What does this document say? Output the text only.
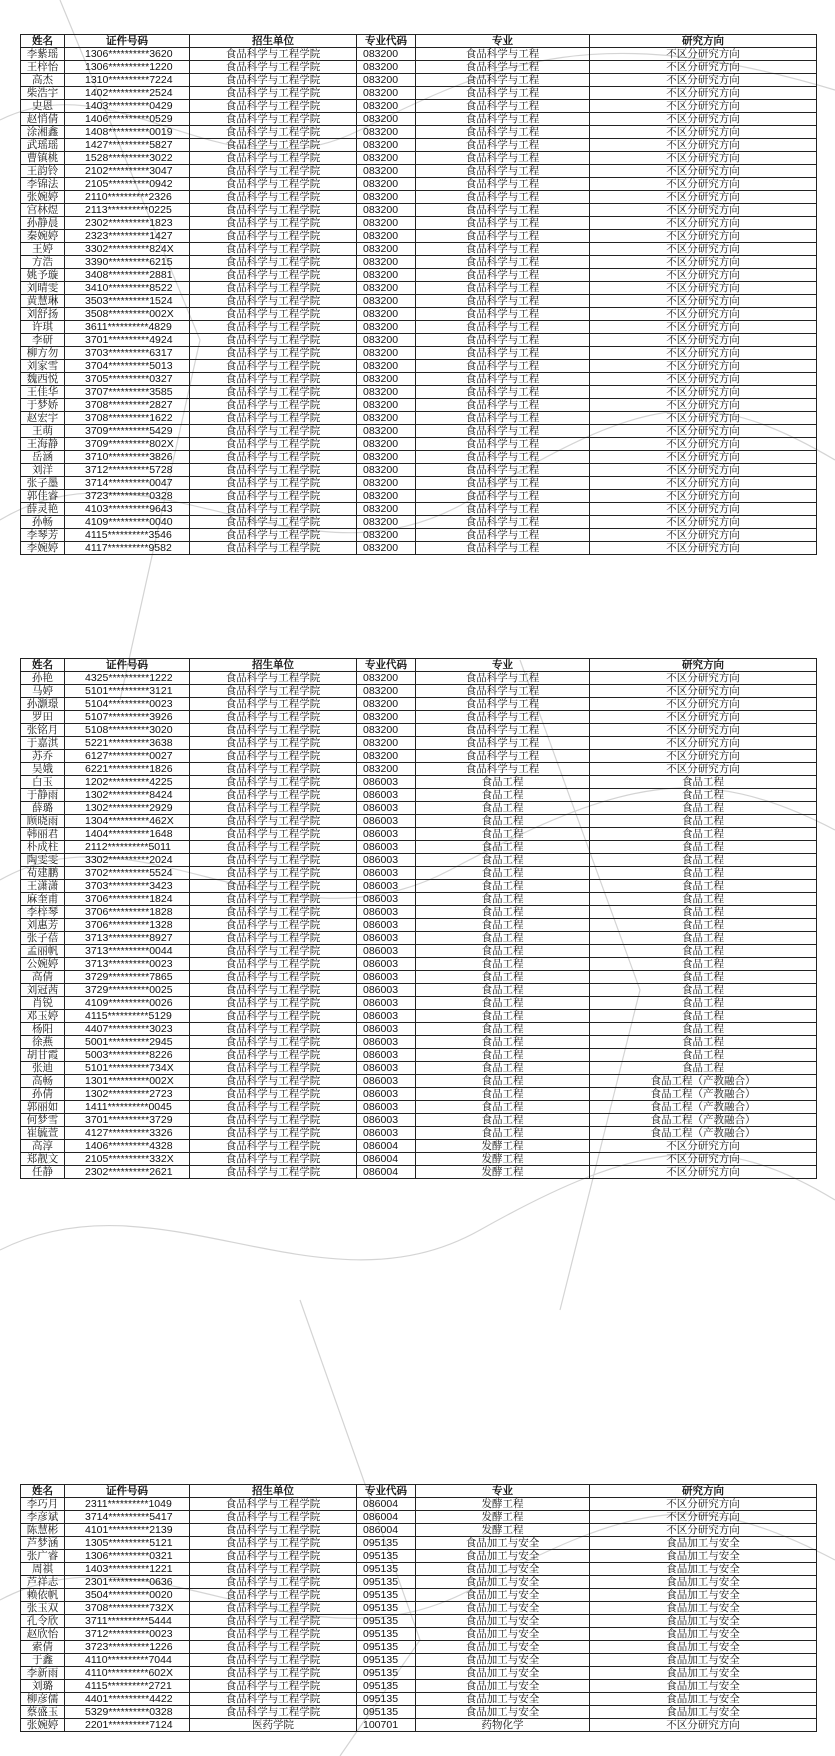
姓名	证件号码	招生单位	专业代码	专业	研究方向
李紫瑶	1306**********3620	食品科学与工程学院	083200	食品科学与工程	不区分研究方向
王梓怡	1306**********1220	食品科学与工程学院	083200	食品科学与工程	不区分研究方向
高杰	1310**********7224	食品科学与工程学院	083200	食品科学与工程	不区分研究方向
柴浩宇	1402**********2524	食品科学与工程学院	083200	食品科学与工程	不区分研究方向
史恩	1403**********0429	食品科学与工程学院	083200	食品科学与工程	不区分研究方向
赵悄倩	1406**********0529	食品科学与工程学院	083200	食品科学与工程	不区分研究方向
涂湘鑫	1408**********0019	食品科学与工程学院	083200	食品科学与工程	不区分研究方向
武瑶瑶	1427**********5827	食品科学与工程学院	083200	食品科学与工程	不区分研究方向
曹镇桃	1528**********3022	食品科学与工程学院	083200	食品科学与工程	不区分研究方向
王韵铃	2102**********3047	食品科学与工程学院	083200	食品科学与工程	不区分研究方向
李锦法	2105**********0942	食品科学与工程学院	083200	食品科学与工程	不区分研究方向
张婉婷	2110**********2326	食品科学与工程学院	083200	食品科学与工程	不区分研究方向
宫林煜	2113**********0225	食品科学与工程学院	083200	食品科学与工程	不区分研究方向
孙静晨	2302**********1823	食品科学与工程学院	083200	食品科学与工程	不区分研究方向
秦婉婷	2323**********1427	食品科学与工程学院	083200	食品科学与工程	不区分研究方向
王婷	3302**********824X	食品科学与工程学院	083200	食品科学与工程	不区分研究方向
方浩	3390**********6215	食品科学与工程学院	083200	食品科学与工程	不区分研究方向
姚予璇	3408**********2881	食品科学与工程学院	083200	食品科学与工程	不区分研究方向
刘晴雯	3410**********8522	食品科学与工程学院	083200	食品科学与工程	不区分研究方向
黄慧琳	3503**********1524	食品科学与工程学院	083200	食品科学与工程	不区分研究方向
刘舒扬	3508**********002X	食品科学与工程学院	083200	食品科学与工程	不区分研究方向
许琪	3611**********4829	食品科学与工程学院	083200	食品科学与工程	不区分研究方向
李研	3701**********4924	食品科学与工程学院	083200	食品科学与工程	不区分研究方向
柳方勿	3703**********6317	食品科学与工程学院	083200	食品科学与工程	不区分研究方向
刘家雪	3704**********5013	食品科学与工程学院	083200	食品科学与工程	不区分研究方向
魏西悦	3705**********0327	食品科学与工程学院	083200	食品科学与工程	不区分研究方向
王佳华	3707**********3585	食品科学与工程学院	083200	食品科学与工程	不区分研究方向
于梦娇	3708**********2827	食品科学与工程学院	083200	食品科学与工程	不区分研究方向
赵宏宇	3708**********1622	食品科学与工程学院	083200	食品科学与工程	不区分研究方向
王萌	3709**********5429	食品科学与工程学院	083200	食品科学与工程	不区分研究方向
王海静	3709**********802X	食品科学与工程学院	083200	食品科学与工程	不区分研究方向
岳涵	3710**********3826	食品科学与工程学院	083200	食品科学与工程	不区分研究方向
刘洋	3712**********5728	食品科学与工程学院	083200	食品科学与工程	不区分研究方向
张子墨	3714**********0047	食品科学与工程学院	083200	食品科学与工程	不区分研究方向
郭佳睿	3723**********0328	食品科学与工程学院	083200	食品科学与工程	不区分研究方向
薛灵艳	4103**********9643	食品科学与工程学院	083200	食品科学与工程	不区分研究方向
孙畅	4109**********0040	食品科学与工程学院	083200	食品科学与工程	不区分研究方向
李琴芳	4115**********3546	食品科学与工程学院	083200	食品科学与工程	不区分研究方向
李婉婷	4117**********9582	食品科学与工程学院	083200	食品科学与工程	不区分研究方向
姓名	证件号码	招生单位	专业代码	专业	研究方向
孙艳	4325**********1222	食品科学与工程学院	083200	食品科学与工程	不区分研究方向
马婷	5101**********3121	食品科学与工程学院	083200	食品科学与工程	不区分研究方向
孙灏璟	5104**********0023	食品科学与工程学院	083200	食品科学与工程	不区分研究方向
罗田	5107**********3926	食品科学与工程学院	083200	食品科学与工程	不区分研究方向
张铭月	5108**********3020	食品科学与工程学院	083200	食品科学与工程	不区分研究方向
于嘉淇	5221**********3638	食品科学与工程学院	083200	食品科学与工程	不区分研究方向
苏乔	6127**********0027	食品科学与工程学院	083200	食品科学与工程	不区分研究方向
吴娥	6221**********1826	食品科学与工程学院	083200	食品科学与工程	不区分研究方向
白玉	1202**********4225	食品科学与工程学院	086003	食品工程	食品工程
于静雨	1302**********8424	食品科学与工程学院	086003	食品工程	食品工程
薛璐	1302**********2929	食品科学与工程学院	086003	食品工程	食品工程
顾晓雨	1304**********462X	食品科学与工程学院	086003	食品工程	食品工程
韩丽君	1404**********1648	食品科学与工程学院	086003	食品工程	食品工程
朴成柱	2112**********5011	食品科学与工程学院	086003	食品工程	食品工程
陶雯雯	3302**********2024	食品科学与工程学院	086003	食品工程	食品工程
荀建鹏	3702**********5524	食品科学与工程学院	086003	食品工程	食品工程
王潇潇	3703**********3423	食品科学与工程学院	086003	食品工程	食品工程
麻奎甫	3706**********1824	食品科学与工程学院	086003	食品工程	食品工程
李梓琴	3706**********1828	食品科学与工程学院	086003	食品工程	食品工程
刘惠芳	3706**********1328	食品科学与工程学院	086003	食品工程	食品工程
张子蓓	3713**********8927	食品科学与工程学院	086003	食品工程	食品工程
孟丽帆	3713**********0044	食品科学与工程学院	086003	食品工程	食品工程
公婉婷	3713**********0023	食品科学与工程学院	086003	食品工程	食品工程
高倩	3729**********7865	食品科学与工程学院	086003	食品工程	食品工程
刘冠茜	3729**********0025	食品科学与工程学院	086003	食品工程	食品工程
肖锐	4109**********0026	食品科学与工程学院	086003	食品工程	食品工程
邓玉婷	4115**********5129	食品科学与工程学院	086003	食品工程	食品工程
杨阳	4407**********3023	食品科学与工程学院	086003	食品工程	食品工程
徐燕	5001**********2945	食品科学与工程学院	086003	食品工程	食品工程
胡甘霞	5003**********8226	食品科学与工程学院	086003	食品工程	食品工程
张迪	5101**********734X	食品科学与工程学院	086003	食品工程	食品工程
高畅	1301**********002X	食品科学与工程学院	086003	食品工程	食品工程（产教融合）
孙倩	1302**********2723	食品科学与工程学院	086003	食品工程	食品工程（产教融合）
郭丽如	1411**********0045	食品科学与工程学院	086003	食品工程	食品工程（产教融合）
何梦雪	3701**********3729	食品科学与工程学院	086003	食品工程	食品工程（产教融合）
崔毓萱	4127**********3326	食品科学与工程学院	086003	食品工程	食品工程（产教融合）
高淳	1406**********4328	食品科学与工程学院	086004	发酵工程	不区分研究方向
郑靓文	2105**********332X	食品科学与工程学院	086004	发酵工程	不区分研究方向
任静	2302**********2621	食品科学与工程学院	086004	发酵工程	不区分研究方向
姓名	证件号码	招生单位	专业代码	专业	研究方向
李巧月	2311**********1049	食品科学与工程学院	086004	发酵工程	不区分研究方向
李彦斌	3714**********5417	食品科学与工程学院	086004	发酵工程	不区分研究方向
陈慧彬	4101**********2139	食品科学与工程学院	086004	发酵工程	不区分研究方向
芦梦涵	1305**********5121	食品科学与工程学院	095135	食品加工与安全	食品加工与安全
张广睿	1306**********0321	食品科学与工程学院	095135	食品加工与安全	食品加工与安全
周祺	1403**********1221	食品科学与工程学院	095135	食品加工与安全	食品加工与安全
芦祥志	2301**********0636	食品科学与工程学院	095135	食品加工与安全	食品加工与安全
赖依帆	3504**********0020	食品科学与工程学院	095135	食品加工与安全	食品加工与安全
张玉双	3708**********732X	食品科学与工程学院	095135	食品加工与安全	食品加工与安全
孔令欣	3711**********5444	食品科学与工程学院	095135	食品加工与安全	食品加工与安全
赵欣怡	3712**********0023	食品科学与工程学院	095135	食品加工与安全	食品加工与安全
索倩	3723**********1226	食品科学与工程学院	095135	食品加工与安全	食品加工与安全
于鑫	4110**********7044	食品科学与工程学院	095135	食品加工与安全	食品加工与安全
李新雨	4110**********602X	食品科学与工程学院	095135	食品加工与安全	食品加工与安全
刘璐	4115**********2721	食品科学与工程学院	095135	食品加工与安全	食品加工与安全
柳彦儒	4401**********4422	食品科学与工程学院	095135	食品加工与安全	食品加工与安全
蔡盛玉	5329**********0328	食品科学与工程学院	095135	食品加工与安全	食品加工与安全
张婉婷	2201**********7124	医药学院	100701	药物化学	不区分研究方向
